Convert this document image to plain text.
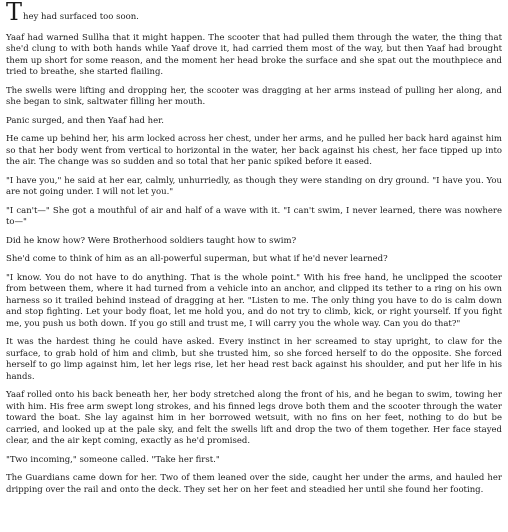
They had surfaced too soon.

Yaaf had warned Sullha that it might happen. The scooter that had pulled them through the water, the thing that she'd clung to with both hands while Yaaf drove it, had carried them most of the way, but then Yaaf had brought them up short for some reason, and the moment her head broke the surface and she spat out the mouthpiece and tried to breathe, she started flailing.

The swells were lifting and dropping her, the scooter was dragging at her arms instead of pulling her along, and she began to sink, saltwater filling her mouth.

Panic surged, and then Yaaf had her.

He came up behind her, his arm locked across her chest, under her arms, and he pulled her back hard against him so that her body went from vertical to horizontal in the water, her back against his chest, her face tipped up into the air. The change was so sudden and so total that her panic spiked before it eased.

"I have you," he said at her ear, calmly, unhurriedly, as though they were standing on dry ground. "I have you. You are not going under. I will not let you."

"I can't—" She got a mouthful of air and half of a wave with it. "I can't swim, I never learned, there was nowhere to—"

Did he know how? Were Brotherhood soldiers taught how to swim?

She'd come to think of him as an all-powerful superman, but what if he'd never learned?

"I know. You do not have to do anything. That is the whole point." With his free hand, he unclipped the scooter from between them, where it had turned from a vehicle into an anchor, and clipped its tether to a ring on his own harness so it trailed behind instead of dragging at her. "Listen to me. The only thing you have to do is calm down and stop fighting. Let your body float, let me hold you, and do not try to climb, kick, or right yourself. If you fight me, you push us both down. If you go still and trust me, I will carry you the whole way. Can you do that?"

It was the hardest thing he could have asked. Every instinct in her screamed to stay upright, to claw for the surface, to grab hold of him and climb, but she trusted him, so she forced herself to do the opposite. She forced herself to go limp against him, let her legs rise, let her head rest back against his shoulder, and put her life in his hands.

Yaaf rolled onto his back beneath her, her body stretched along the front of his, and he began to swim, towing her with him. His free arm swept long strokes, and his finned legs drove both them and the scooter through the water toward the boat. She lay against him in her borrowed wetsuit, with no fins on her feet, nothing to do but be carried, and looked up at the pale sky, and felt the swells lift and drop the two of them together. Her face stayed clear, and the air kept coming, exactly as he'd promised.

"Two incoming," someone called. "Take her first."

The Guardians came down for her. Two of them leaned over the side, caught her under the arms, and hauled her dripping over the rail and onto the deck. They set her on her feet and steadied her until she found her footing.
